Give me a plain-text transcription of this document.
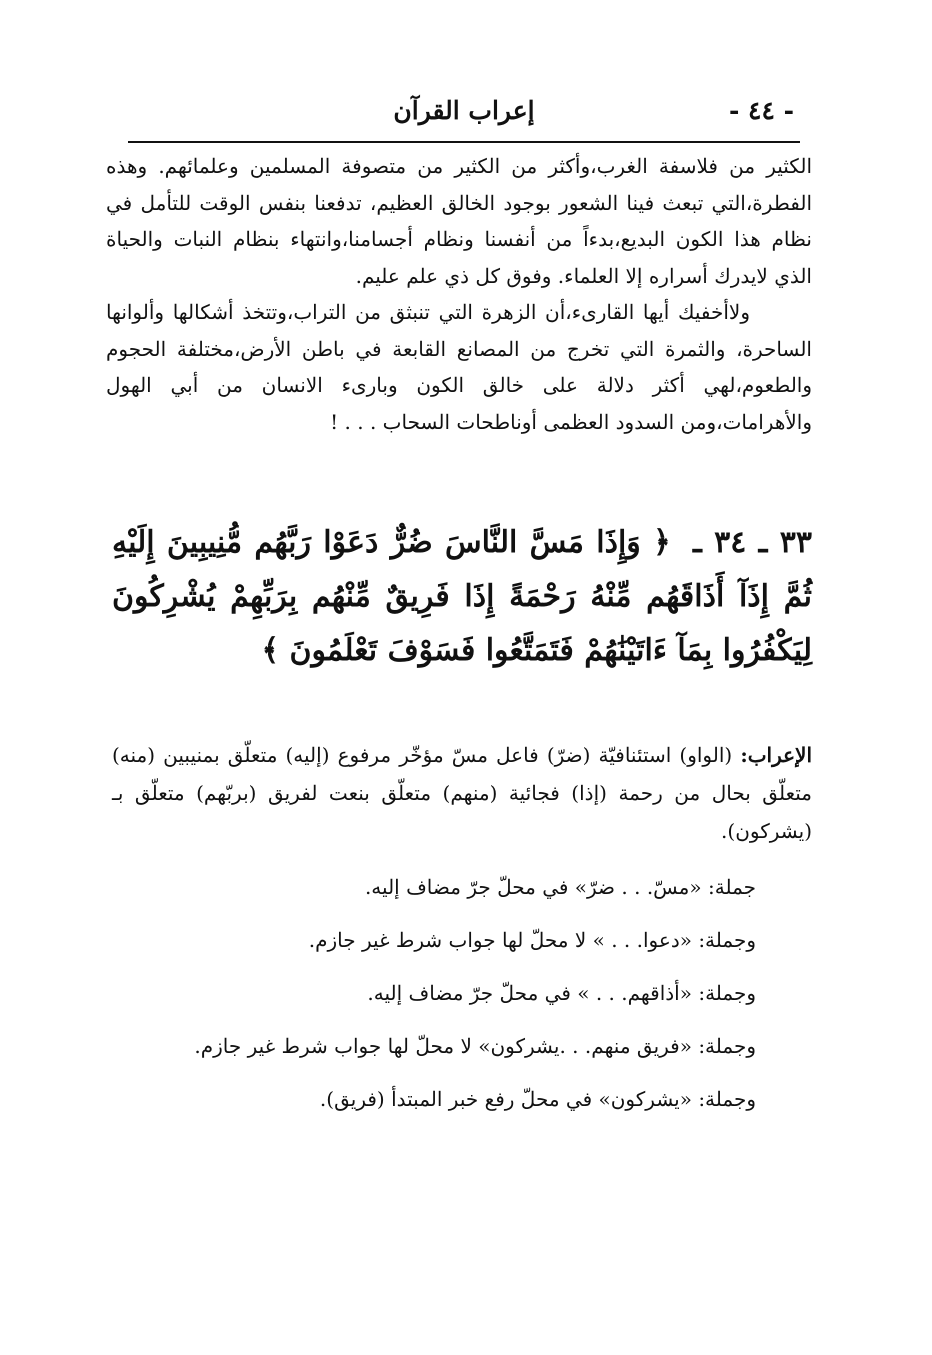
- ٤٤ -
إعراب القرآن

الكثير من فلاسفة الغرب،وأكثر من الكثير من متصوفة المسلمين وعلمائهم. وهذه الفطرة،التي تبعث فينا الشعور بوجود الخالق العظيم، تدفعنا بنفس الوقت للتأمل في نظام هذا الكون البديع،بدءاً من أنفسنا ونظام أجسامنا،وانتهاء بنظام النبات والحياة الذي لايدرك أسراره إلا العلماء. وفوق كل ذي علم عليم.

ولاأخفيك أيها القارىء،أن الزهرة التي تنبثق من التراب،وتتخذ أشكالها وألوانها الساحرة، والثمرة التي تخرج من المصانع القابعة في باطن الأرض،مختلفة الحجوم والطعوم،لهي أكثر دلالة على خالق الكون وبارىء الانسان من أبي الهول والأهرامات،ومن السدود العظمى أوناطحات السحاب . . . !

٣٣ ـ ٣٤ ـ ﴿ وَإِذَا مَسَّ النَّاسَ ضُرٌّ دَعَوْا رَبَّهُم مُّنِيبِينَ إِلَيْهِ ثُمَّ إِذَآ أَذَاقَهُم مِّنْهُ رَحْمَةً إِذَا فَرِيقٌ مِّنْهُم بِرَبِّهِمْ يُشْرِكُونَ لِيَكْفُرُوا بِمَآ ءَاتَيْنَٰهُمْ فَتَمَتَّعُوا فَسَوْفَ تَعْلَمُونَ ﴾

الإعراب: (الواو) استئنافيّة (ضرّ) فاعل مسّ مؤخّر مرفوع (إليه) متعلّق بمنيبين (منه) متعلّق بحال من رحمة (إذا) فجائية (منهم) متعلّق بنعت لفريق (بربّهم) متعلّق بـ (يشركون).

جملة: «مسّ. . . ضرّ» في محلّ جرّ مضاف إليه.

وجملة: «دعوا. . . » لا محلّ لها جواب شرط غير جازم.

وجملة: «أذاقهم. . . » في محلّ جرّ مضاف إليه.

وجملة: «فريق منهم. . .يشركون» لا محلّ لها جواب شرط غير جازم.

وجملة: «يشركون» في محلّ رفع خبر المبتدأ (فريق).
